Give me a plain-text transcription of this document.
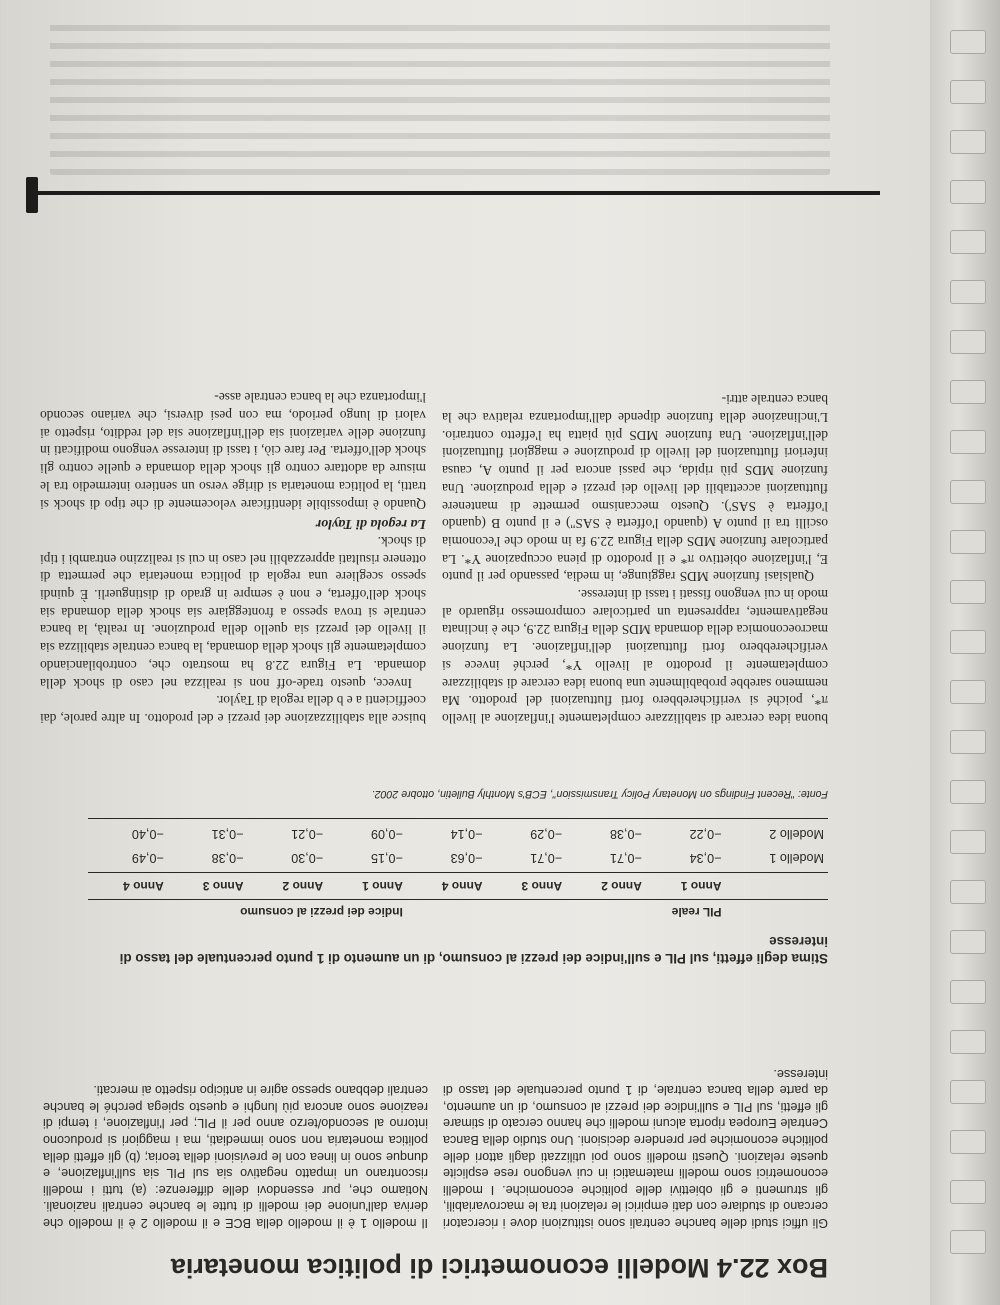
Box 22.4 Modelli econometrici di politica monetaria

Gli uffici studi delle banche centrali sono istituzioni dove i ricercatori cercano di studiare con dati empirici le relazioni tra le macrovariabili, gli strumenti e gli obiettivi delle politiche economiche. I modelli econometrici sono modelli matematici in cui vengono rese esplicite queste relazioni. Questi modelli sono poi utilizzati dagli attori delle politiche economiche per prendere decisioni. Uno studio della Banca Centrale Europea riporta alcuni modelli che hanno cercato di stimare gli effetti, sul PIL e sull'indice dei prezzi al consumo, di un aumento, da parte della banca centrale, di 1 punto percentuale del tasso di interesse.

Il modello 1 è il modello della BCE e il modello 2 è il modello che deriva dall'unione dei modelli di tutte le banche centrali nazionali. Notiamo che, pur essendovi delle differenze: (a) tutti i modelli riscontrano un impatto negativo sia sul PIL sia sull'inflazione, e dunque sono in linea con le previsioni della teoria; (b) gli effetti della politica monetaria non sono immediati, ma i maggiori si producono intorno al secondo/terzo anno per il PIL; per l'inflazione, i tempi di reazione sono ancora più lunghi e questo spiega perché le banche centrali debbano spesso agire in anticipo rispetto ai mercati.

Stima degli effetti, sul PIL e sull'indice dei prezzi al consumo, di un aumento di 1 punto percentuale del tasso di interesse

	PIL reale				Indice dei prezzi al consumo			
	Anno 1	Anno 2	Anno 3	Anno 4	Anno 1	Anno 2	Anno 3	Anno 4
Modello 1	−0,34	−0,71	−0,71	−0,63	−0,15	−0,30	−0,38	−0,49
Modello 2	−0,22	−0,38	−0,29	−0,14	−0,09	−0,21	−0,31	−0,40

Fonte: "Recent Findings on Monetary Policy Transmission", ECB's Monthly Bulletin, ottobre 2002.

buona idea cercare di stabilizzare completamente l'inflazione al livello π*, poiché si verificherebbero forti fluttuazioni del prodotto. Ma nemmeno sarebbe probabilmente una buona idea cercare di stabilizzare completamente il prodotto al livello Y*, perché invece si verificherebbero forti fluttuazioni dell'inflazione. La funzione macroeconomica della domanda MDS della Figura 22.9, che è inclinata negativamente, rappresenta un particolare compromesso riguardo al modo in cui vengono fissati i tassi di interesse.

Qualsiasi funzione MDS raggiunge, in media, passando per il punto E, l'inflazione obiettivo π* e il prodotto di piena occupazione Y*. La particolare funzione MDS della Figura 22.9 fa in modo che l'economia oscilli tra il punto A (quando l'offerta è SAS'') e il punto B (quando l'offerta è SAS'). Questo meccanismo permette di mantenere fluttuazioni accettabili del livello dei prezzi e della produzione. Una funzione MDS più ripida, che passi ancora per il punto A, causa inferiori fluttuazioni del livello di produzione e maggiori fluttuazioni dell'inflazione. Una funzione MDS più piatta ha l'effetto contrario. L'inclinazione della funzione dipende dall'importanza relativa che la banca centrale attri-

buisce alla stabilizzazione dei prezzi e del prodotto. In altre parole, dai coefficienti a e b della regola di Taylor.

Invece, questo trade-off non si realizza nel caso di shock della domanda. La Figura 22.8 ha mostrato che, controbilanciando completamente gli shock della domanda, la banca centrale stabilizza sia il livello dei prezzi sia quello della produzione. In realtà, la banca centrale si trova spesso a fronteggiare sia shock della domanda sia shock dell'offerta, e non è sempre in grado di distinguerli. È quindi spesso scegliere una regola di politica monetaria che permetta di ottenere risultati apprezzabili nel caso in cui si realizzino entrambi i tipi di shock.

La regola di Taylor

Quando è impossibile identificare velocemente di che tipo di shock si tratti, la politica monetaria si dirige verso un sentiero intermedio tra le misure da adottare contro gli shock della domanda e quelle contro gli shock dell'offerta. Per fare ciò, i tassi di interesse vengono modificati in funzione delle variazioni sia dell'inflazione sia del reddito, rispetto ai valori di lungo periodo, ma con pesi diversi, che variano secondo l'importanza che la banca centrale asse-
